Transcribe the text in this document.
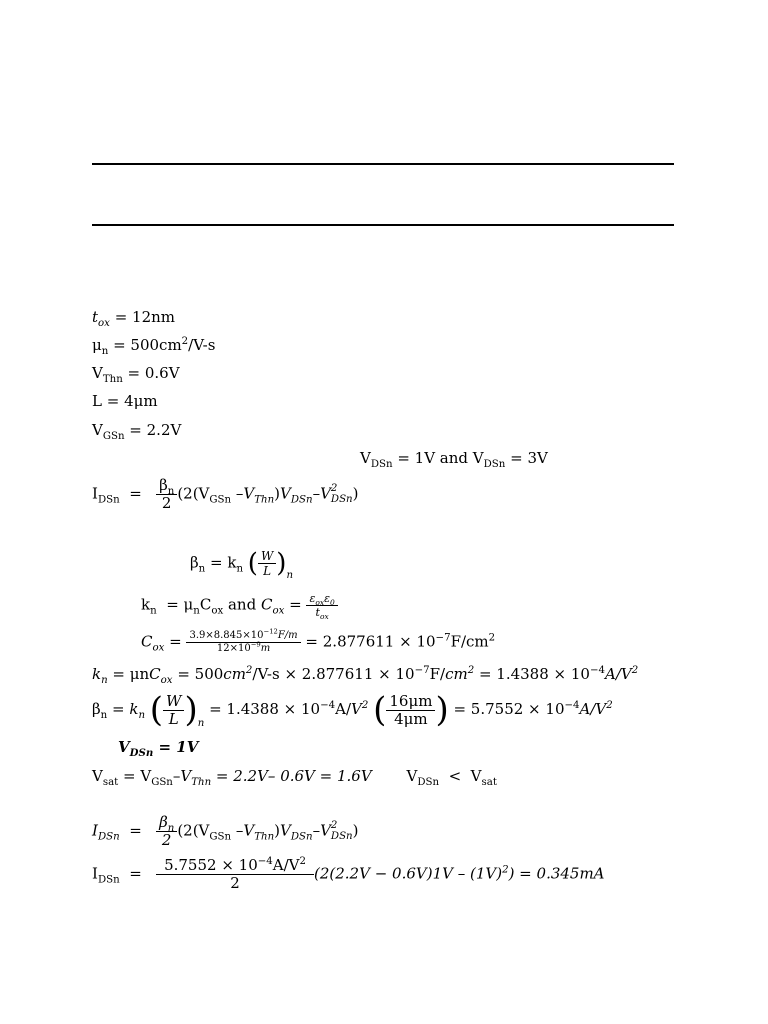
$t_{ox} = 12nm$
$\mu_n = 500cm^2/V-s$
$V_{Thn} = 0.6V$
L = 4μm
$V_{GSn} = 2.2V$
$V_{DSn} = 1V$ and $V_{DSn} = 3V$
$I_{DSn} = \frac{\beta_n}{2} (2(V_{GSn}$ $-V_{Thn})V_{DSn}-V$ 2
DSn )
$\beta_n = k_n$ ( $\frac{W}{L} )_n$
$k_n = \mu_nC_{ox}$ and $C_{ox} = \frac{\varepsilon_{ox}\varepsilon_0}{t_{ox}}$
$C_{ox} = \frac{3.9\times 8.845\times 10^{-12}F/m}{12\times 10^{-9}m} = 2.877611 \times 10^{-7}F/cm^2$
$k_n = \mu nC_{ox} = 500cm^2/V-s \times 2.877611 \times 10^{-7}F/cm^2 = 1.4388 \times 10^{-4}A/V^2$
$\beta_n = k_n$ ( $\frac{W}{L} )_n = 1.4388 \times 10^{-4}A/V^2$ ( $\frac{16\mu m}{4\mu m}$ ) = $5.7552 \times 10^{-4}A/V^2$
$V_{DSn} = 1V$
$V_{sat} = V_{GSn}-V_{Thn} = 2.2V-$ 0.6V = 1.6V $V_{DSn} < V_{sat}$
$I_{DSn} = \frac{\beta_n}{2} (2(V_{GSn}$ $-V_{Thn})V_{DSn}-V$ 2
DSn )
$I_{DSn} = \frac{5.7552 \times 10^{-4}A/V^2}{2} (2(2.2V - 0.6V)1V - (1V)^2) = 0.345mA$
